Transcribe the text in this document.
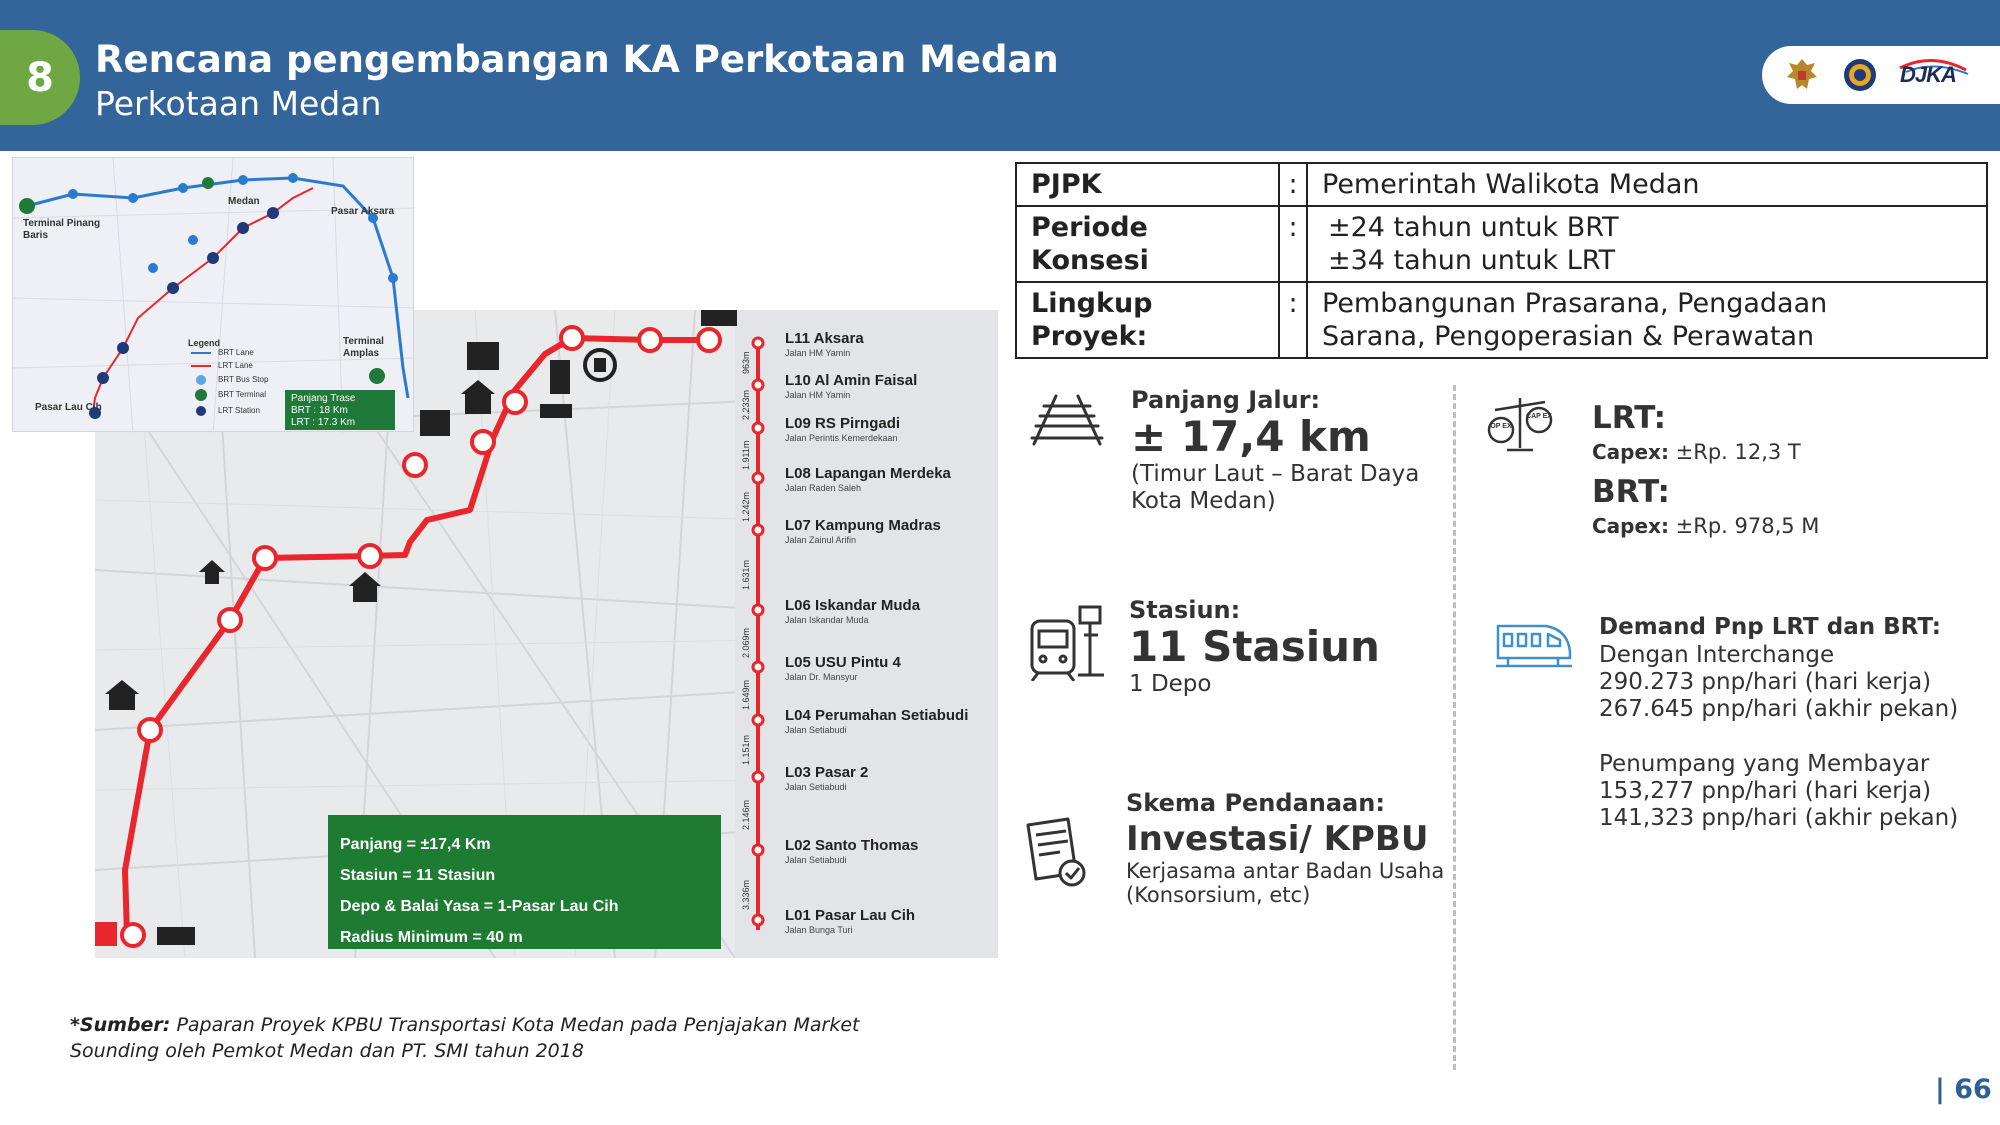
8	Rencana pengembangan KA Perkotaan Medan
Perkotaan Medan
DJKA
Panjang = ±17,4 Km
Stasiun = 11 Stasiun
Depo & Balai Yasa = 1-Pasar Lau Cih
Radius Minimum = 40 m
L11 Aksara
Jalan HM Yamin
L10 Al Amin Faisal
Jalan HM Yamin
L09 RS Pirngadi
Jalan Perintis Kemerdekaan
L08 Lapangan Merdeka
Jalan Raden Saleh
L07 Kampung Madras
Jalan Zainul Arifin
L06 Iskandar Muda
Jalan Iskandar Muda
L05 USU Pintu 4
Jalan Dr. Mansyur
L04 Perumahan Setiabudi
Jalan Setiabudi
L03 Pasar 2
Jalan Setiabudi
L02 Santo Thomas
Jalan Setiabudi
L01 Pasar Lau Cih
Jalan Bunga Turi
963m
2.233m
1.911m
1.242m
1.631m
2.069m
1.649m
1.151m
2.146m
3.336m
Medan
Pasar Aksara
Terminal Pinang Baris
Terminal Amplas
Pasar Lau Cih
Legend
BRT Lane
LRT Lane
BRT Bus Stop
BRT Terminal
LRT Station
Panjang Trase
BRT : 18 Km
LRT : 17.3 Km
*Sumber: Paparan Proyek KPBU Transportasi Kota Medan pada Penjajakan Market
Sounding oleh Pemkot Medan dan PT. SMI tahun 2018
PJPK	:	Pemerintah Walikota Medan

Periode Konsesi	:	±24 tahun untuk BRT
±34 tahun untuk LRT

Lingkup Proyek:	:	Pembangunan Prasarana, Pengadaan
Sarana, Pengoperasian & Perawatan
Panjang Jalur:
± 17,4 km
(Timur Laut – Barat Daya
Kota Medan)
Stasiun:
11 Stasiun
1 Depo
Skema Pendanaan:
Investasi/ KPBU
Kerjasama antar Badan Usaha
(Konsorsium, etc)
OP EX
CAP EX LRT:
Capex: ±Rp. 12,3 T
BRT:
Capex: ±Rp. 978,5 M
Demand Pnp LRT dan BRT:
Dengan Interchange
290.273 pnp/hari (hari kerja)
267.645 pnp/hari (akhir pekan)
Penumpang yang Membayar
153,277 pnp/hari (hari kerja)
141,323 pnp/hari (akhir pekan)
| 66
